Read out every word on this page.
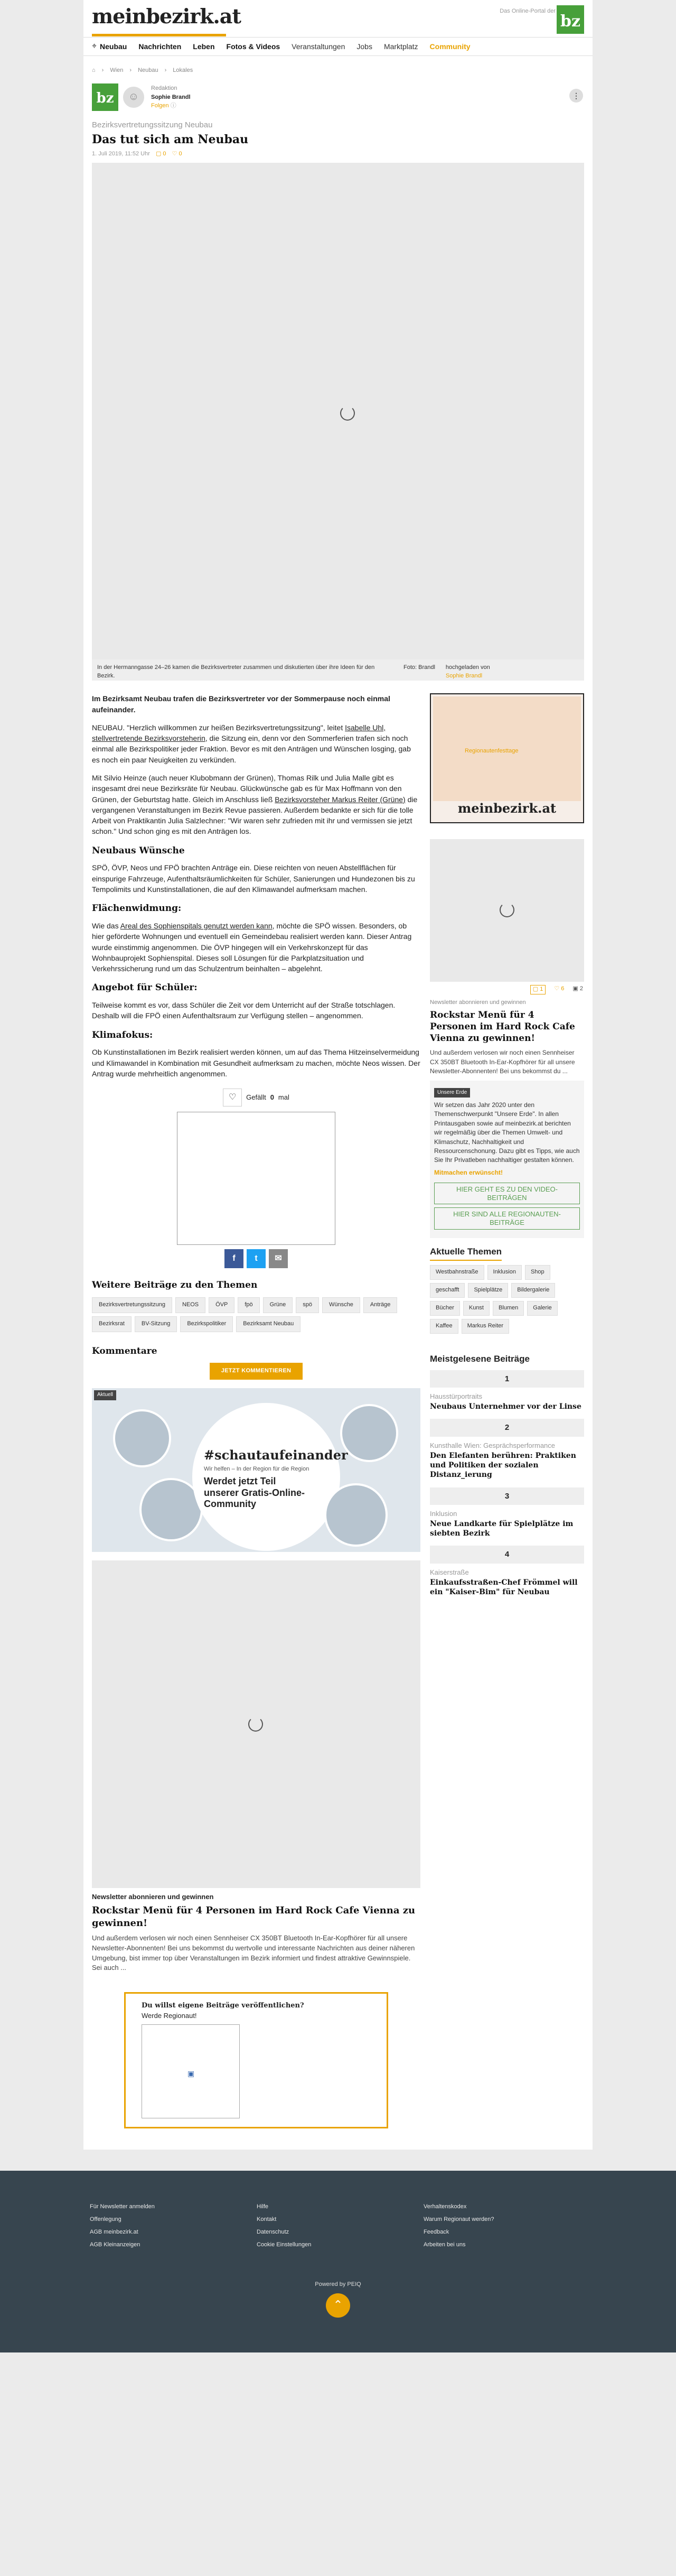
meinbezirk.at	Das Online-Portal der
bz
⌖ Neubau Nachrichten Leben Fotos & Videos Veranstaltungen Jobs Marktplatz Community
⌂ › Wien › Neubau › Lokales
bz	☺
Redaktion
Sophie Brandl
Folgen ⓘ
⋮
Bezirksvertretungssitzung Neubau
Das tut sich am Neubau
1. Juli 2019, 11:52 Uhr ▢ 0 ♡ 0
In der Hermanngasse 24–26 kamen die Bezirksvertreter zusammen und diskutierten über ihre Ideen für den Bezirk.
Foto: Brandl hochgeladen von
Sophie Brandl
Im Bezirksamt Neubau trafen die Bezirksvertreter vor der Sommerpause noch einmal aufeinander.

NEUBAU. "Herzlich willkommen zur heißen Bezirksvertretungssitzung", leitet Isabelle Uhl, stellvertretende Bezirksvorsteherin, die Sitzung ein, denn vor den Sommerferien trafen sich noch einmal alle Bezirkspolitiker jeder Fraktion. Bevor es mit den Anträgen und Wünschen losging, gab es noch ein paar Neuigkeiten zu verkünden.

Mit Silvio Heinze (auch neuer Klubobmann der Grünen), Thomas Rilk und Julia Malle gibt es insgesamt drei neue Bezirksräte für Neubau. Glückwünsche gab es für Max Hoffmann von den Grünen, der Geburtstag hatte. Gleich im Anschluss ließ Bezirksvorsteher Markus Reiter (Grüne) die vergangenen Veranstaltungen im Bezirk Revue passieren. Außerdem bedankte er sich für die tolle Arbeit von Praktikantin Julia Salzlechner: "Wir waren sehr zufrieden mit ihr und vermissen sie jetzt schon." Und schon ging es mit den Anträgen los.

Neubaus Wünsche

SPÖ, ÖVP, Neos und FPÖ brachten Anträge ein. Diese reichten von neuen Abstellflächen für einspurige Fahrzeuge, Aufenthaltsräumlichkeiten für Schüler, Sanierungen und Hundezonen bis zu Tempolimits und Kunstinstallationen, die auf den Klimawandel aufmerksam machen.

Flächenwidmung:

Wie das Areal des Sophienspitals genutzt werden kann, möchte die SPÖ wissen. Besonders, ob hier geförderte Wohnungen und eventuell ein Gemeindebau realisiert werden kann. Dieser Antrag wurde einstimmig angenommen. Die ÖVP hingegen will ein Verkehrskonzept für das Wohnbauprojekt Sophienspital. Dieses soll Lösungen für die Parkplatzsituation und Verkehrssicherung rund um das Schulzentrum beinhalten – abgelehnt.

Angebot für Schüler:

Teilweise kommt es vor, dass Schüler die Zeit vor dem Unterricht auf der Straße totschlagen. Deshalb will die FPÖ einen Aufenthaltsraum zur Verfügung stellen – angenommen.

Klimafokus:

Ob Kunstinstallationen im Bezirk realisiert werden können, um auf das Thema Hitzeinselvermeidung und Klimawandel in Kombination mit Gesundheit aufmerksam zu machen, möchte Neos wissen. Der Antrag wurde mehrheitlich angenommen.

♡	Gefällt 0 mal
f	t	✉
Weitere Beiträge zu den Themen
Bezirksvertretungssitzung	NEOS	ÖVP	fpö	Grüne	spö	Wünsche	Anträge
Bezirksrat	BV-Sitzung	Bezirkspolitiker	Bezirksamt Neubau
Kommentare
JETZT KOMMENTIEREN
Aktuell
#schautaufeinander
Wir helfen – In der Region für die Region
Werdet jetzt Teil unserer Gratis-Online-Community
Newsletter abonnieren und gewinnen
Rockstar Menü für 4 Personen im Hard Rock Cafe Vienna zu gewinnen!

Und außerdem verlosen wir noch einen Sennheiser CX 350BT Bluetooth In-Ear-Kopfhörer für all unsere Newsletter-Abonnenten! Bei uns bekommst du wertvolle und interessante Nachrichten aus deiner näheren Umgebung, bist immer top über Veranstaltungen im Bezirk informiert und findest attraktive Gewinnspiele. Sei auch ...

Du willst eigene Beiträge veröffentlichen?
Werde Regionaut!
▣
Regionautenfesttage
meinbezirk.at
▢ 1	♡ 6 ▣ 2
Newsletter abonnieren und gewinnen
Rockstar Menü für 4 Personen im Hard Rock Cafe Vienna zu gewinnen!

Und außerdem verlosen wir noch einen Sennheiser CX 350BT Bluetooth In-Ear-Kopfhörer für all unsere Newsletter-Abonnenten! Bei uns bekommst du ...

Unsere Erde

Wir setzen das Jahr 2020 unter den Themenschwerpunkt "Unsere Erde". In allen Printausgaben sowie auf meinbezirk.at berichten wir regelmäßig über die Themen Umwelt- und Klimaschutz, Nachhaltigkeit und Ressourcenschonung. Dazu gibt es Tipps, wie auch Sie Ihr Privatleben nachhaltiger gestalten können.

Mitmachen erwünscht!
HIER GEHT ES ZU DEN VIDEO-BEITRÄGEN
HIER SIND ALLE REGIONAUTEN-BEITRÄGE
Aktuelle Themen
Westbahnstraße	Inklusion	Shop
geschafft	Spielplätze	Bildergalerie
Bücher	Kunst	Blumen	Galerie
Kaffee	Markus Reiter
Meistgelesene Beiträge
1
Hausstürportraits
Neubaus Unternehmer vor der Linse
2
Kunsthalle Wien: Gesprächsperformance
Den Elefanten berühren: Praktiken und Politiken der sozialen Distanz_ierung
3
Inklusion
Neue Landkarte für Spielplätze im siebten Bezirk
4
Kaiserstraße
Einkaufsstraßen-Chef Frömmel will ein "Kaiser-Bim" für Neubau
Für Newsletter anmelden
Offenlegung
AGB meinbezirk.at
AGB Kleinanzeigen
Hilfe
Kontakt
Datenschutz
Cookie Einstellungen
Verhaltenskodex
Warum Regionaut werden?
Feedback
Arbeiten bei uns
Powered by PEIQ
⌃
